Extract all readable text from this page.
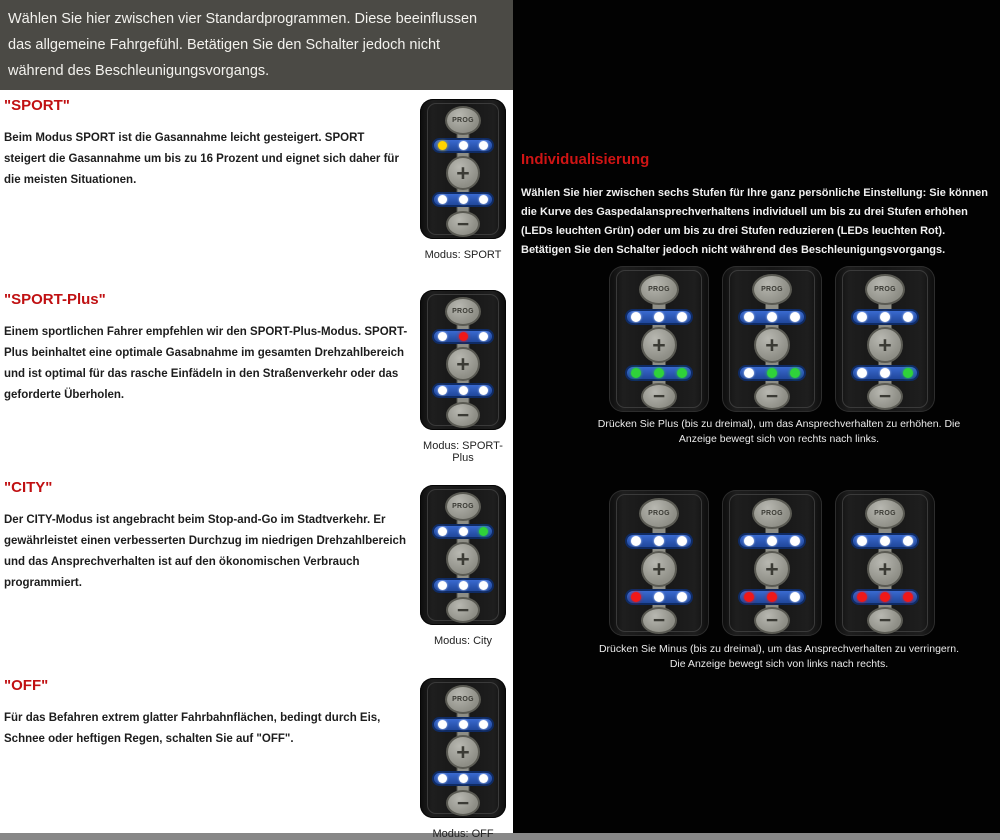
Wählen Sie hier zwischen vier Standardprogrammen. Diese beeinflussen das allgemeine Fahrgefühl. Betätigen Sie den Schalter jedoch nicht während des Beschleunigungsvorgangs.

"SPORT"
Beim Modus SPORT ist die Gasannahme leicht gesteigert. SPORT steigert die Gasannahme um bis zu 16 Prozent und eignet sich daher für die meisten Situationen.
"SPORT-Plus"
Einem sportlichen Fahrer empfehlen wir den SPORT-Plus-Modus. SPORT-Plus beinhaltet eine optimale Gasabnahme im gesamten Drehzahlbereich und ist optimal für das rasche Einfädeln in den Straßenverkehr oder das geforderte Überholen.
"CITY"
Der CITY-Modus ist angebracht beim Stop-and-Go im Stadtverkehr. Er gewährleistet einen verbesserten Durchzug im niedrigen Drehzahlbereich und das Ansprechverhalten ist auf den ökonomischen Verbrauch programmiert.
"OFF"
Für das Befahren extrem glatter Fahrbahnflächen, bedingt durch Eis, Schnee oder heftigen Regen, schalten Sie auf "OFF".
PROG
+
−
Modus: SPORT
PROG
+
−
Modus: SPORT-Plus
PROG
+
−
Modus: City
PROG
+
−
Modus: OFF
Individualisierung
Wählen Sie hier zwischen sechs Stufen für Ihre ganz persönliche Einstellung: Sie können die Kurve des Gaspedalansprechverhaltens individuell um bis zu drei Stufen erhöhen (LEDs leuchten Grün) oder um bis zu drei Stufen reduzieren (LEDs leuchten Rot). Betätigen Sie den Schalter jedoch nicht während des Beschleunigungsvorgangs.
PROG
+
−
PROG
+
−
PROG
+
−
Drücken Sie Plus (bis zu dreimal), um das Ansprechverhalten zu erhöhen. Die Anzeige bewegt sich von rechts nach links.
PROG
+
−
PROG
+
−
PROG
+
−
Drücken Sie Minus (bis zu dreimal), um das Ansprechverhalten zu verringern. Die Anzeige bewegt sich von links nach rechts.
